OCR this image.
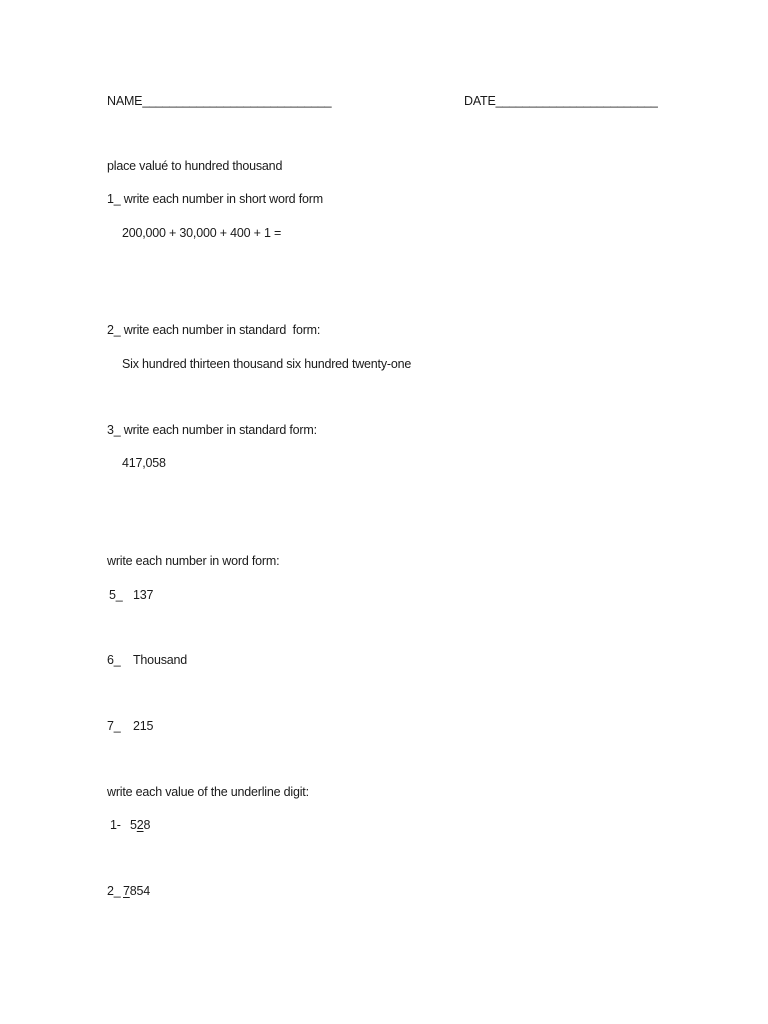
NAME____________________________	DATE________________________
place valué to hundred thousand
1_ write each number in short word form
200,000 + 30,000 + 400 + 1 =
2_ write each number in standard  form:
Six hundred thirteen thousand six hundred twenty-one
3_ write each number in standard form:
417,058
write each number in word form:
5_ 137
6_ Thousand
7_ 215
write each value of the underline digit:
1- 528
2_ 7854
